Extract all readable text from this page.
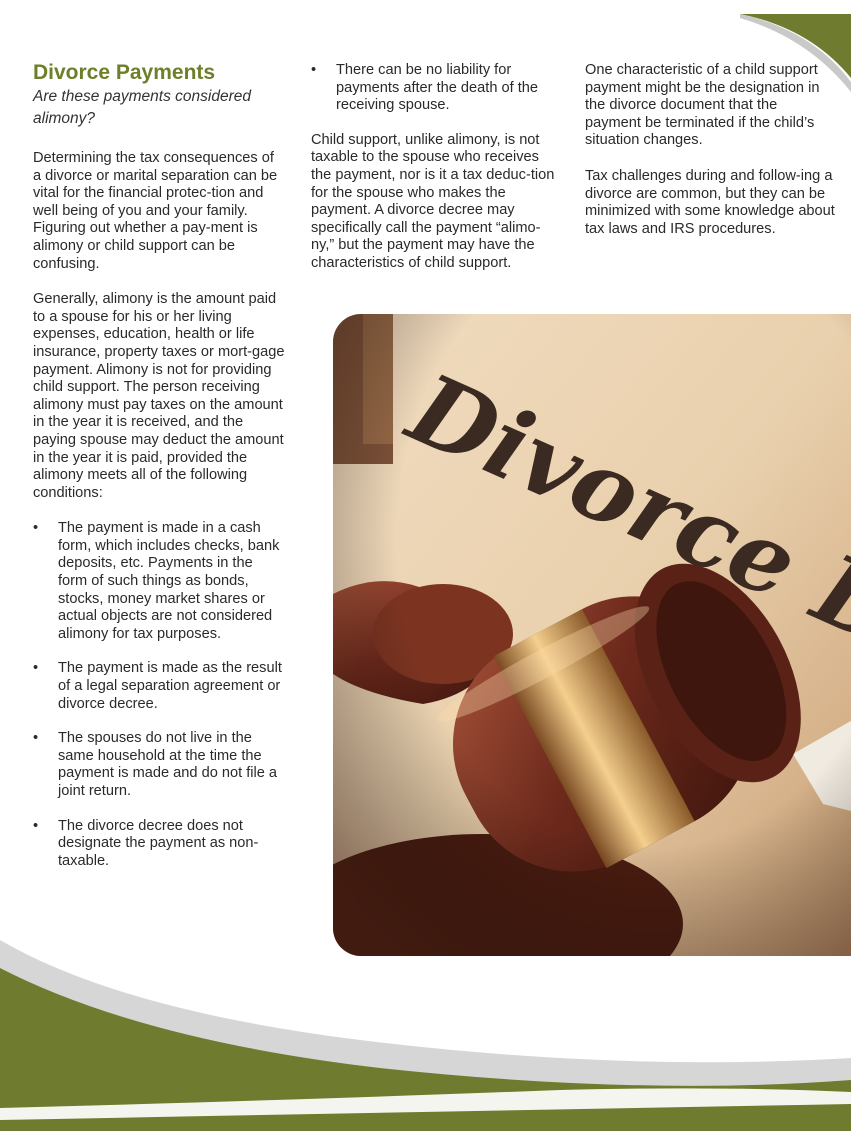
Divorce Payments
Are these payments considered alimony?

Determining the tax consequences of a divorce or marital separation can be vital for the financial protec-tion and well being of you and your family. Figuring out whether a pay-ment is alimony or child support can be confusing.

Generally, alimony is the amount paid to a spouse for his or her living expenses, education, health or life insurance, property taxes or mort-gage payment. Alimony is not for providing child support. The person receiving alimony must pay taxes on the amount in the year it is received, and the paying spouse may deduct the amount in the year it is paid, provided the alimony meets all of the following conditions:

• The payment is made in a cash form, which includes checks, bank deposits, etc. Payments in the form of such things as bonds, stocks, money market shares or actual objects are not considered alimony for tax purposes.
• The payment is made as the result of a legal separation agreement or divorce decree.
• The spouses do not live in the same household at the time the payment is made and do not file a joint return.
• The divorce decree does not designate the payment as non-taxable.
• There can be no liability for payments after the death of the receiving spouse.

Child support, unlike alimony, is not taxable to the spouse who receives the payment, nor is it a tax deduc-tion for the spouse who makes the payment. A divorce decree may specifically call the payment “alimo-ny,” but the payment may have the characteristics of child support.

One characteristic of a child support payment might be the designation in the divorce document that the payment be terminated if the child’s situation changes.

Tax challenges during and follow-ing a divorce are common, but they can be minimized with some knowledge about tax laws and IRS procedures.
